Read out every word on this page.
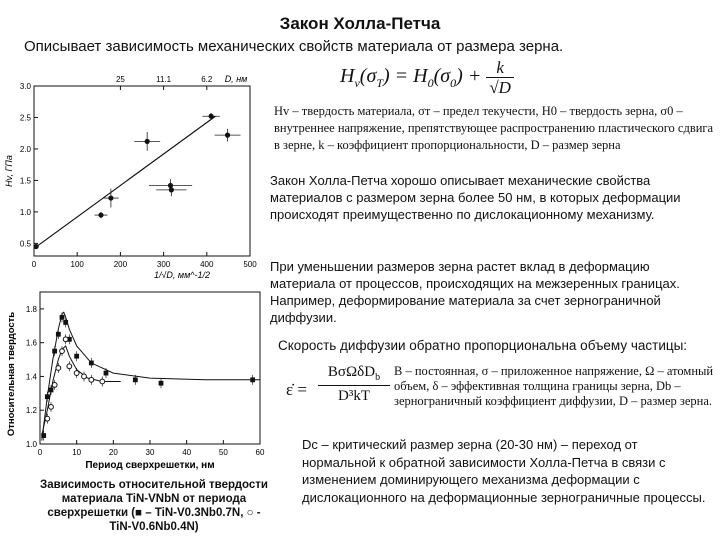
Закон Холла-Петча
Описывает зависимость механических свойств материала от размера зерна.
$H_v(\sigma_T) = H_0(\sigma_0) + \frac{k}{√D}$
Hv – твердость материала, σт – предел текучести, H0 – твердость зерна, σ0 – внутреннее напряжение, препятствующее распространению пластического сдвига в зерне, k – коэффициент пропорциональности, D – размер зерна
Закон Холла-Петча хорошо описывает механические свойства материалов с размером зерна более 50 нм, в которых деформации происходят преимущественно по дислокационному механизму.
При уменьшении размеров зерна растет вклад в деформацию материала от процессов, происходящих на межзеренных границах. Например, деформирование материала за счет зернограничной диффузии.
Скорость диффузии обратно пропорциональна объему частицы:
ε̇ =
BσΩδD$_b$
D³kT
B – постоянная, σ – приложенное напряжение, Ω – атомный объем, δ – эффективная толщина границы зерна, Db – зернограничный коэффициент диффузии, D – размер зерна.
Dc – критический размер зерна (20-30 нм) – переход от нормальной к обратной зависимости Холла-Петча в связи с изменением доминирующего механизма деформации с дислокационного на деформационные зернограничные процессы.
Зависимость относительной твердости материала TiN-VNbN от периода сверхрешетки (■ – TiN-V0.3Nb0.7N, ○ - TiN-V0.6Nb0.4N)
0	100	200	300	400	500
0.5
1.0
1.5
2.0
2.5
3.0
25	11.1	6.2 D, нм
1/√D, мм^-1/2
Hv, ГПа
0	10	20	30	40	50	60
1.0
1.2
1.4
1.6
1.8
Период сверхрешетки, нм
Относительная твердость
